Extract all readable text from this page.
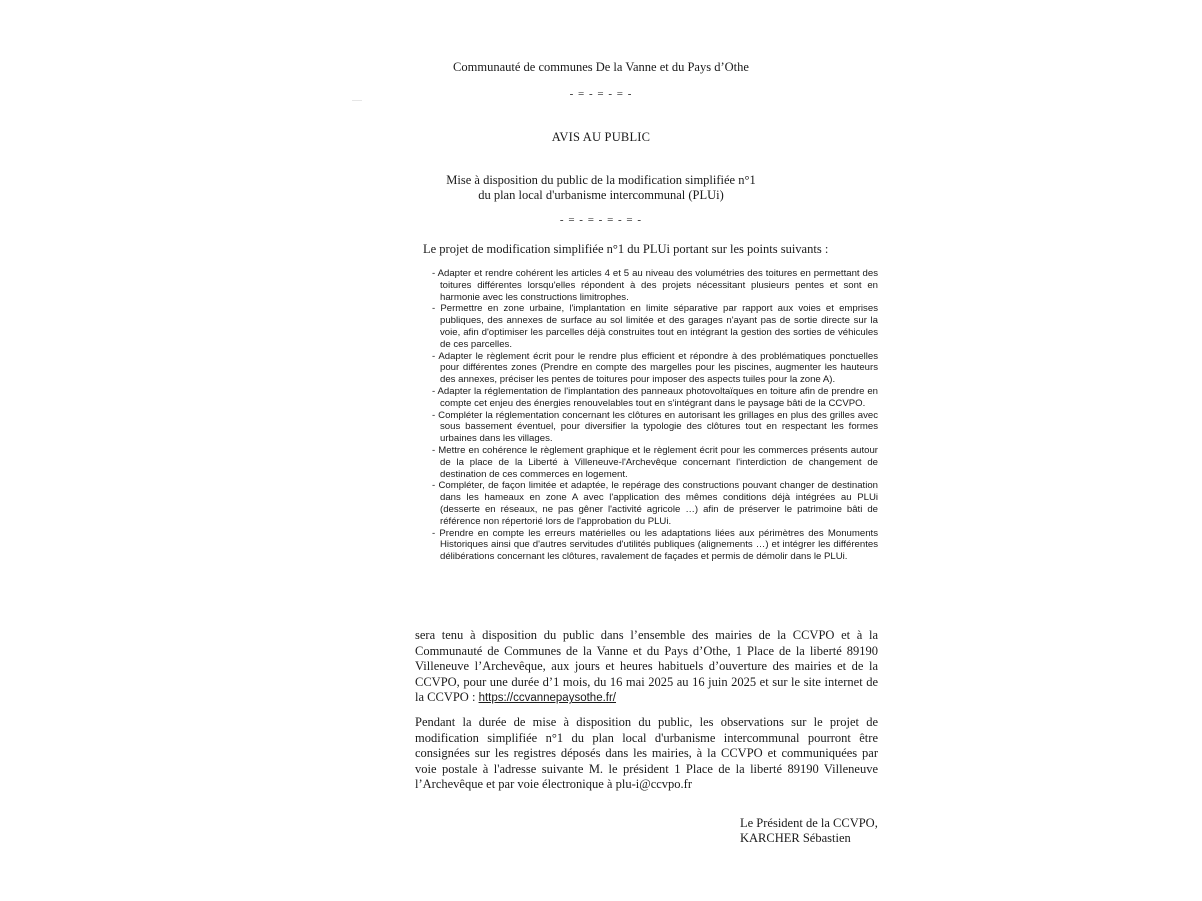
Communauté de communes De la Vanne et du Pays d’Othe
- = - = - = -
AVIS AU PUBLIC
Mise à disposition du public de la modification simplifiée n°1
du plan local d'urbanisme intercommunal (PLUi)
- = - = - = - = -
Le projet de modification simplifiée n°1 du PLUi portant sur les points suivants :
- Adapter et rendre cohérent les articles 4 et 5 au niveau des volumétries des toitures en permettant des toitures différentes lorsqu'elles répondent à des projets nécessitant plusieurs pentes et sont en harmonie avec les constructions limitrophes.
- Permettre en zone urbaine, l'implantation en limite séparative par rapport aux voies et emprises publiques, des annexes de surface au sol limitée et des garages n'ayant pas de sortie directe sur la voie, afin d'optimiser les parcelles déjà construites tout en intégrant la gestion des sorties de véhicules de ces parcelles.
- Adapter le règlement écrit pour le rendre plus efficient et répondre à des problématiques ponctuelles pour différentes zones (Prendre en compte des margelles pour les piscines, augmenter les hauteurs des annexes, préciser les pentes de toitures pour imposer des aspects tuiles pour la zone A).
- Adapter la réglementation de l'implantation des panneaux photovoltaïques en toiture afin de prendre en compte cet enjeu des énergies renouvelables tout en s'intégrant dans le paysage bâti de la CCVPO.
- Compléter la réglementation concernant les clôtures en autorisant les grillages en plus des grilles avec sous bassement éventuel, pour diversifier la typologie des clôtures tout en respectant les formes urbaines dans les villages.
- Mettre en cohérence le règlement graphique et le règlement écrit pour les commerces présents autour de la place de la Liberté à Villeneuve-l'Archevêque concernant l'interdiction de changement de destination de ces commerces en logement.
- Compléter, de façon limitée et adaptée, le repérage des constructions pouvant changer de destination dans les hameaux en zone A avec l'application des mêmes conditions déjà intégrées au PLUi (desserte en réseaux, ne pas gêner l'activité agricole …) afin de préserver le patrimoine bâti de référence non répertorié lors de l'approbation du PLUi.
- Prendre en compte les erreurs matérielles ou les adaptations liées aux périmètres des Monuments Historiques ainsi que d'autres servitudes d'utilités publiques (alignements …) et intégrer les différentes délibérations concernant les clôtures, ravalement de façades et permis de démolir dans le PLUi.
sera tenu à disposition du public dans l’ensemble des mairies de la CCVPO et à la Communauté de Communes de la Vanne et du Pays d’Othe, 1 Place de la liberté 89190 Villeneuve l’Archevêque, aux jours et heures habituels d’ouverture des mairies et de la CCVPO, pour une durée d’1 mois, du 16 mai 2025 au 16 juin 2025 et sur le site internet de la CCVPO : https://ccvannepaysothe.fr/
Pendant la durée de mise à disposition du public, les observations sur le projet de modification simplifiée n°1 du plan local d'urbanisme intercommunal pourront être consignées sur les registres déposés dans les mairies, à la CCVPO et communiquées par voie postale à l'adresse suivante M. le président 1 Place de la liberté 89190 Villeneuve l’Archevêque et par voie électronique à plu-i@ccvpo.fr
Le Président de la CCVPO,
KARCHER Sébastien
